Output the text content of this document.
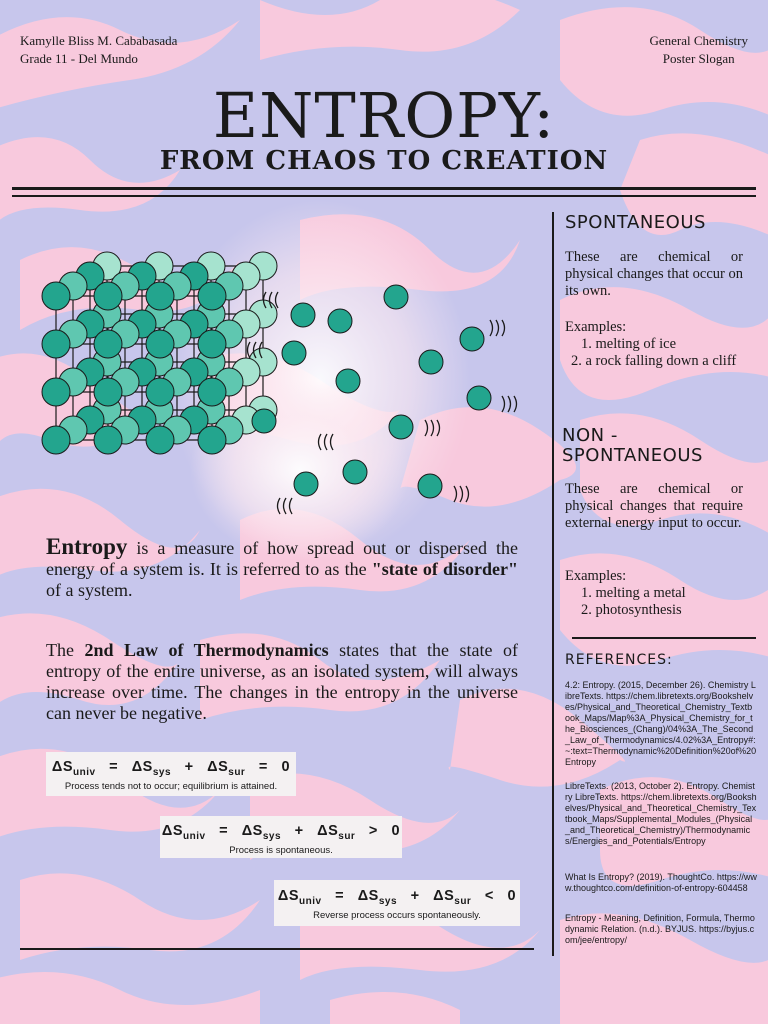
Kamylle Bliss M. Cababasada
Grade 11 - Del Mundo
General Chemistry
Poster Slogan
ENTROPY:
FROM CHAOS TO CREATION
Entropy is a measure of how spread out or dispersed the energy of a system is. It is referred to as the "state of disorder" of a system.
The 2nd Law of Thermodynamics states that the state of entropy of the entire universe, as an isolated system, will always increase over time. The changes in the entropy in the universe can never be negative.
$\Delta S_{univ} = \Delta S_{sys} + \Delta S_{sur} = 0$
Process tends not to occur; equilibrium is attained.
$\Delta S_{univ} = \Delta S_{sys} + \Delta S_{sur} > 0$
Process is spontaneous.
$\Delta S_{univ} = \Delta S_{sys} + \Delta S_{sur} < 0$
Reverse process occurs spontaneously.
SPONTANEOUS
These are chemical or physical changes that occur on its own.
Examples:
1. melting of ice
2. a rock falling down a cliff
NON -
SPONTANEOUS
These are chemical or physical changes that require external energy input to occur.
Examples:
1. melting a metal
2. photosynthesis
REFERENCES:
4.2: Entropy. (2015, December 26). Chemistry LibreTexts. https://chem.libretexts.org/Bookshelves/Physical_and_Theoretical_Chemistry_Textbook_Maps/Map%3A_Physical_Chemistry_for_the_Biosciences_(Chang)/04%3A_The_Second_Law_of_Thermodynamics/4.02%3A_Entropy#:~:text=Thermodynamic%20Definition%20of%20Entropy
LibreTexts. (2013, October 2). Entropy. Chemistry LibreTexts. https://chem.libretexts.org/Bookshelves/Physical_and_Theoretical_Chemistry_Textbook_Maps/Supplemental_Modules_(Physical_and_Theoretical_Chemistry)/Thermodynamics/Energies_and_Potentials/Entropy
What Is Entropy? (2019). ThoughtCo. https://www.thoughtco.com/definition-of-entropy-604458
Entropy - Meaning, Definition, Formula, Thermodynamic Relation. (n.d.). BYJUS. https://byjus.com/jee/entropy/
